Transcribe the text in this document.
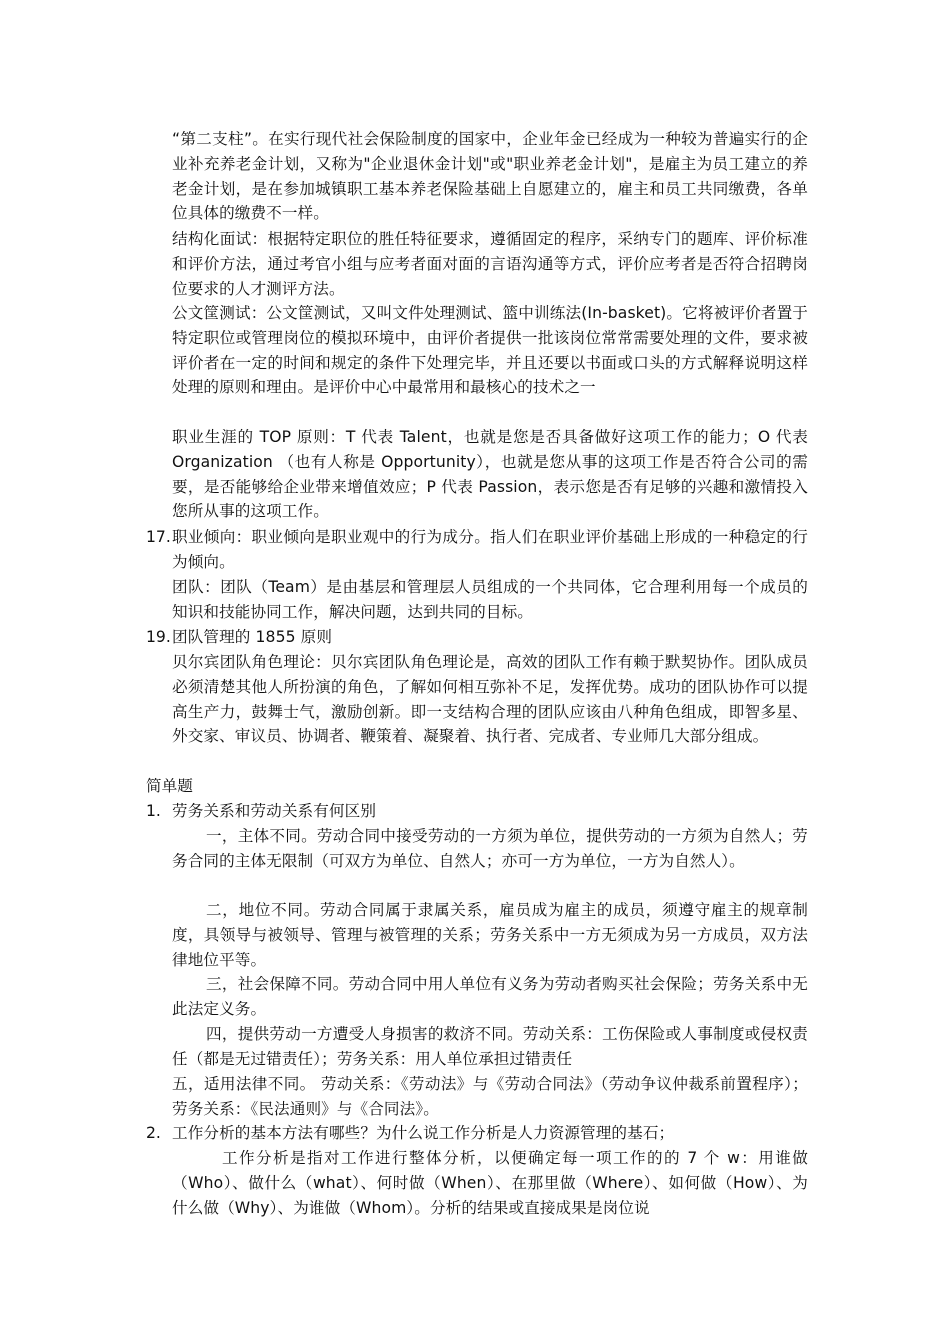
“第二支柱”。在实行现代社会保险制度的国家中，企业年金已经成为一种较为普遍实行的企业补充养老金计划，又称为"企业退休金计划"或"职业养老金计划"，是雇主为员工建立的养老金计划，是在参加城镇职工基本养老保险基础上自愿建立的，雇主和员工共同缴费，各单位具体的缴费不一样。

结构化面试：根据特定职位的胜任特征要求，遵循固定的程序，采纳专门的题库、评价标准和评价方法，通过考官小组与应考者面对面的言语沟通等方式，评价应考者是否符合招聘岗位要求的人才测评方法。

公文筐测试：公文筐测试，又叫文件处理测试、篮中训练法(In-basket)。它将被评价者置于特定职位或管理岗位的模拟环境中，由评价者提供一批该岗位常常需要处理的文件，要求被评价者在一定的时间和规定的条件下处理完毕，并且还要以书面或口头的方式解释说明这样处理的原则和理由。是评价中心中最常用和最核心的技术之一

职业生涯的 TOP 原则：T 代表 Talent，也就是您是否具备做好这项工作的能力；O 代表 Organization （也有人称是 Opportunity），也就是您从事的这项工作是否符合公司的需要，是否能够给企业带来增值效应；P 代表 Passion，表示您是否有足够的兴趣和激情投入您所从事的这项工作。

17. 职业倾向：职业倾向是职业观中的行为成分。指人们在职业评价基础上形成的一种稳定的行为倾向。

团队：团队（Team）是由基层和管理层人员组成的一个共同体，它合理利用每一个成员的知识和技能协同工作，解决问题，达到共同的目标。

19. 团队管理的 1855 原则

贝尔宾团队角色理论：贝尔宾团队角色理论是，高效的团队工作有赖于默契协作。团队成员必须清楚其他人所扮演的角色，了解如何相互弥补不足，发挥优势。成功的团队协作可以提高生产力，鼓舞士气，激励创新。即一支结构合理的团队应该由八种角色组成，即智多星、外交家、审议员、协调者、鞭策着、凝聚着、执行者、完成者、专业师几大部分组成。

简单题

1. 劳务关系和劳动关系有何区别

一，主体不同。劳动合同中接受劳动的一方须为单位，提供劳动的一方须为自然人；劳务合同的主体无限制（可双方为单位、自然人；亦可一方为单位，一方为自然人）。

二，地位不同。劳动合同属于隶属关系，雇员成为雇主的成员，须遵守雇主的规章制度，具领导与被领导、管理与被管理的关系；劳务关系中一方无须成为另一方成员，双方法律地位平等。

三，社会保障不同。劳动合同中用人单位有义务为劳动者购买社会保险；劳务关系中无此法定义务。

四，提供劳动一方遭受人身损害的救济不同。劳动关系：工伤保险或人事制度或侵权责任（都是无过错责任）；劳务关系：用人单位承担过错责任

五，适用法律不同。 劳动关系：《劳动法》与《劳动合同法》（劳动争议仲裁系前置程序）；劳务关系：《民法通则》与《合同法》。

2. 工作分析的基本方法有哪些？为什么说工作分析是人力资源管理的基石；

工作分析是指对工作进行整体分析，以便确定每一项工作的的 7 个 w：用谁做（Who）、做什么（what）、何时做（When）、在那里做（Where）、如何做（How）、为什么做（Why）、为谁做（Whom）。分析的结果或直接成果是岗位说
